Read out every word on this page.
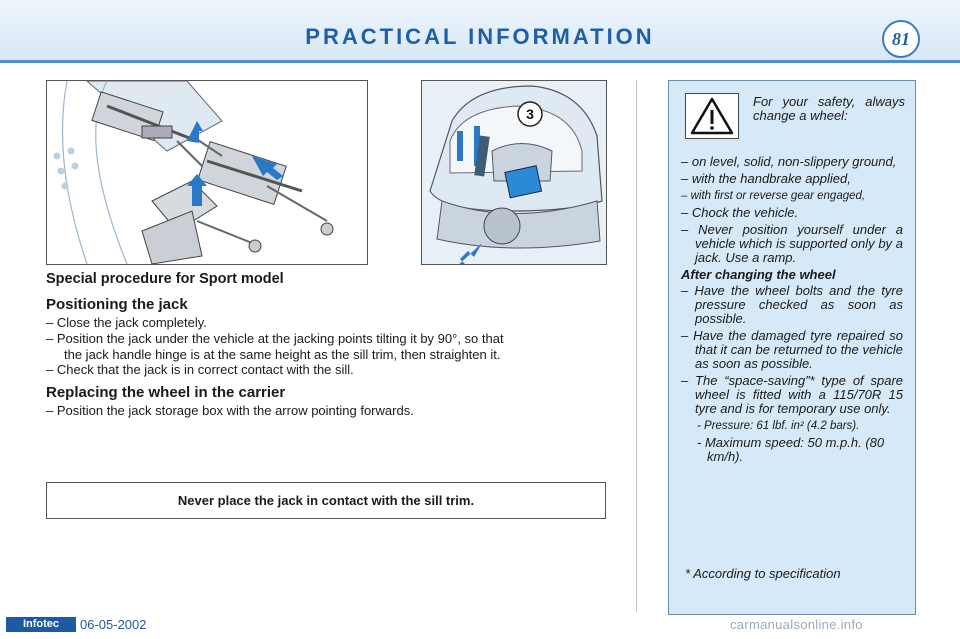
PRACTICAL INFORMATION	81
3
Special procedure for Sport model
Positioning the jack
– Close the jack completely.
– Position the jack under the vehicle at the jacking points tilting it by 90°, so that
the jack handle hinge is at the same height as the sill trim, then straighten it.
– Check that the jack is in correct contact with the sill.
Replacing the wheel in the carrier
– Position the jack storage box with the arrow pointing forwards.
Never place the jack in contact with the sill trim.
For your safety, always change a wheel:
– on level, solid, non-slippery ground,
– with the handbrake applied,
– with first or reverse gear engaged,
– Chock the vehicle.
– Never position yourself under a vehicle which is supported only by a jack. Use a ramp.
After changing the wheel
– Have the wheel bolts and the tyre pressure checked as soon as possible.
– Have the damaged tyre repaired so that it can be returned to the vehicle as soon as possible.
– The “space-saving”* type of spare wheel is fitted with a 115/70R 15 tyre and is for temporary use only.
- Pressure: 61 lbf. in² (4.2 bars).
- Maximum speed: 50 m.p.h. (80 km/h).
* According to specification
Infotec	06-05-2002	carmanualsonline.info
